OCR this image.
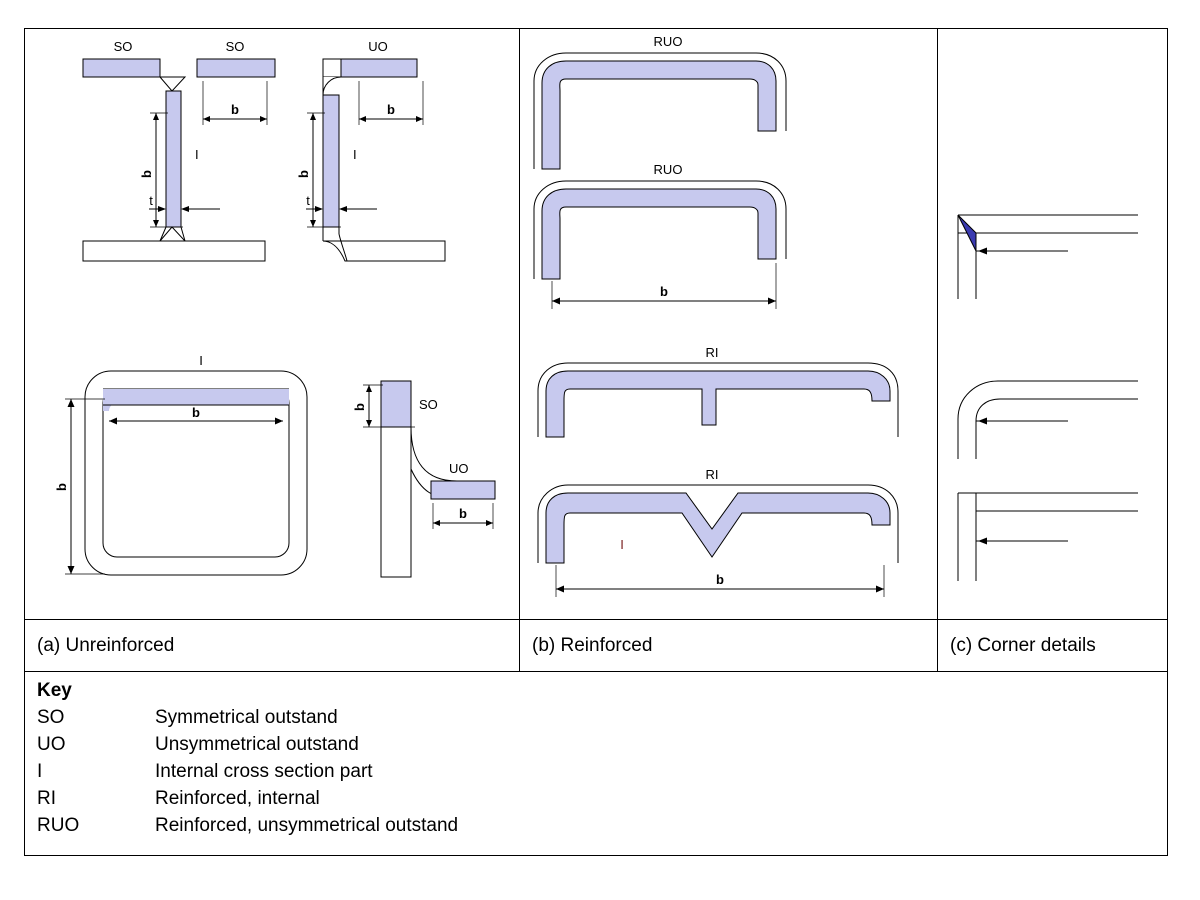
SO	SO
I
b
b
t
UO
I
b
b
t
I
b
b
SO
UO
b
b
RUO
RUO
b
RI
RI
I
b
(a) Unreinforced	(b) Reinforced	(c) Corner details
Key
SO	Symmetrical outstand
UO	Unsymmetrical outstand
I	Internal cross section part
RI	Reinforced, internal
RUO	Reinforced, unsymmetrical outstand
